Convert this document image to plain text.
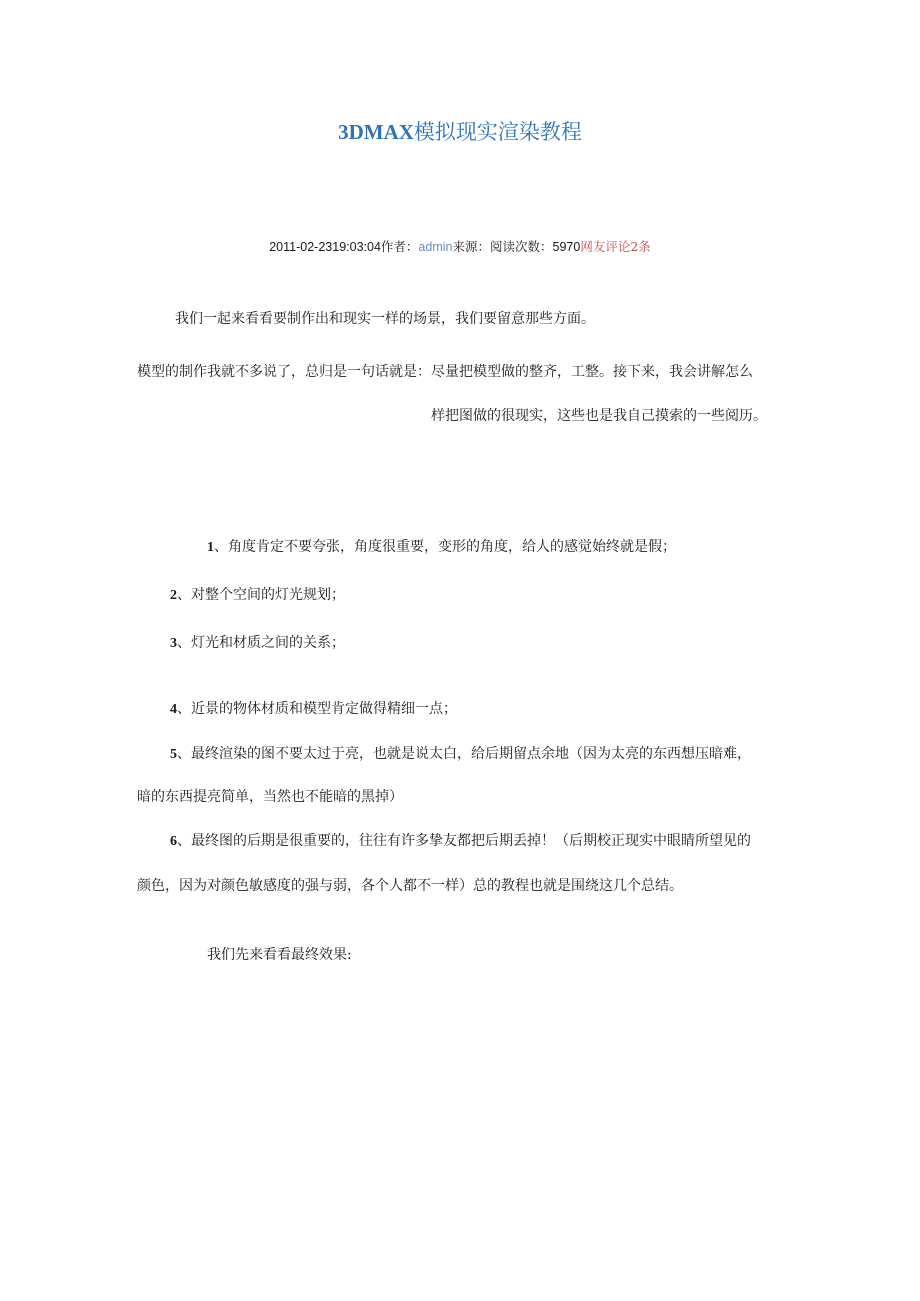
3DMAX模拟现实渲染教程
2011-02-2319:03:04作者：admin来源：阅读次数：5970网友评论2条

我们一起来看看要制作出和现实一样的场景，我们要留意那些方面。

模型的制作我就不多说了，总归是一句话就是：尽量把模型做的整齐，工整。接下来，我会讲解怎么

样把图做的很现实，这些也是我自己摸索的一些阅历。

1、角度肯定不要夸张，角度很重要，变形的角度，给人的感觉始终就是假；

2、对整个空间的灯光规划；

3、灯光和材质之间的关系；

4、近景的物体材质和模型肯定做得精细一点；

5、最终渲染的图不要太过于亮，也就是说太白，给后期留点余地（因为太亮的东西想压暗难，

暗的东西提亮简单，当然也不能暗的黑掉）

6、最终图的后期是很重要的，往往有许多挚友都把后期丢掉！（后期校正现实中眼睛所望见的

颜色，因为对颜色敏感度的强与弱，各个人都不一样）总的教程也就是围绕这几个总结。

我们先来看看最终效果:
